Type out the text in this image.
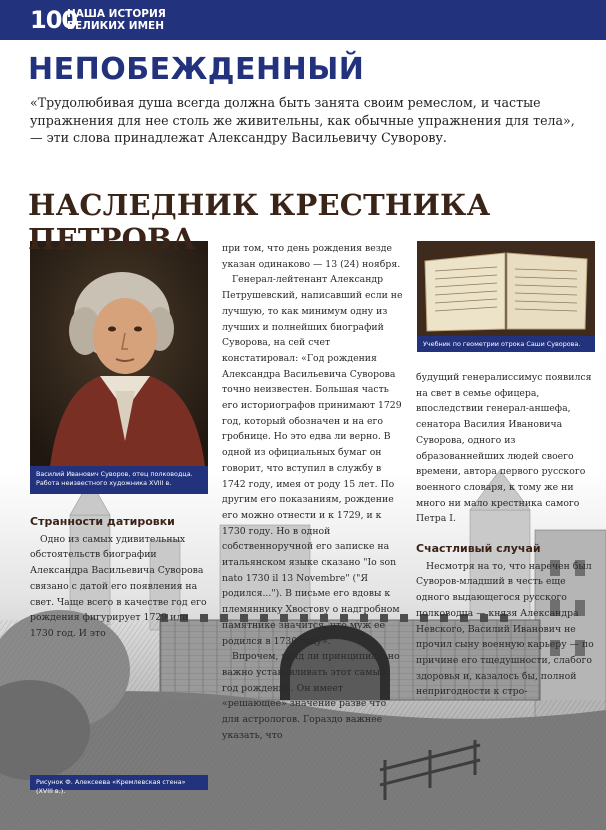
100
НАША ИСТОРИЯ
ВЕЛИКИХ ИМЕН
НЕПОБЕЖДЕННЫЙ

«Трудолюбивая душа всегда должна быть занята своим ремеслом, и частые упражнения для нее столь же живительны, как обычные упражнения для тела», — эти слова принадлежат Александру Васильевичу Суворову.

Василий Иванович Суворов, отец полководца. Работа неизвестного художника XVIII в.
Учебник по геометрии отрока Саши Суворова.
Рисунок Ф. Алексеева «Кремлевская стена» (XVIII в.).
НАСЛЕДНИК КРЕСТНИКА ПЕТРОВА
Странности датировки

Одно из самых удивительных обстоятельств биографии Александра Васильевича Суворова связано с датой его появления на свет. Чаще всего в качестве год его рождения фигурирует 1729 или 1730 год. И это

при том, что день рождения везде указан одинаково — 13 (24) ноября.

Генерал-лейтенант Александр Петрушевский, написавший если не лучшую, то как минимум одну из лучших и полнейших биографий Суворова, на сей счет констатировал: «Год рождения Александра Васильевича Суворова точно неизвестен. Большая часть его историографов принимают 1729 год, который обозначен и на его гробнице. Но это едва ли верно. В одной из официальных бумаг он говорит, что вступил в службу в 1742 году, имея от роду 15 лет. По другим его показаниям, рождение его можно отнести и к 1729, и к 1730 году. Но в одной собственноручной его записке на итальянском языке сказано "Io son nato 1730 il 13 Novembre" ("Я родился..."). В письме его вдовы к племяннику Хвостову о надгробном памятнике значится, что муж ее родился в 1730 году».

Впрочем, вряд ли принципиально важно устанавливать этот самый год рождения. Он имеет «решающее» значение разве что для астрологов. Гораздо важнее указать, что

будущий генералиссимус появился на свет в семье офицера, впоследствии генерал-аншефа, сенатора Василия Ивановича Суворова, одного из образованнейших людей своего времени, автора первого русского военного словаря, к тому же ни много ни мало крестника самого Петра I.

Счастливый случай

Несмотря на то, что наречен был Суворов-младший в честь еще одного выдающегося русского полководца — князя Александра Невского, Василий Иванович не прочил сыну военную карьеру — по причине его тщедушности, слабого здоровья и, казалось бы, полной непригодности к стро-
